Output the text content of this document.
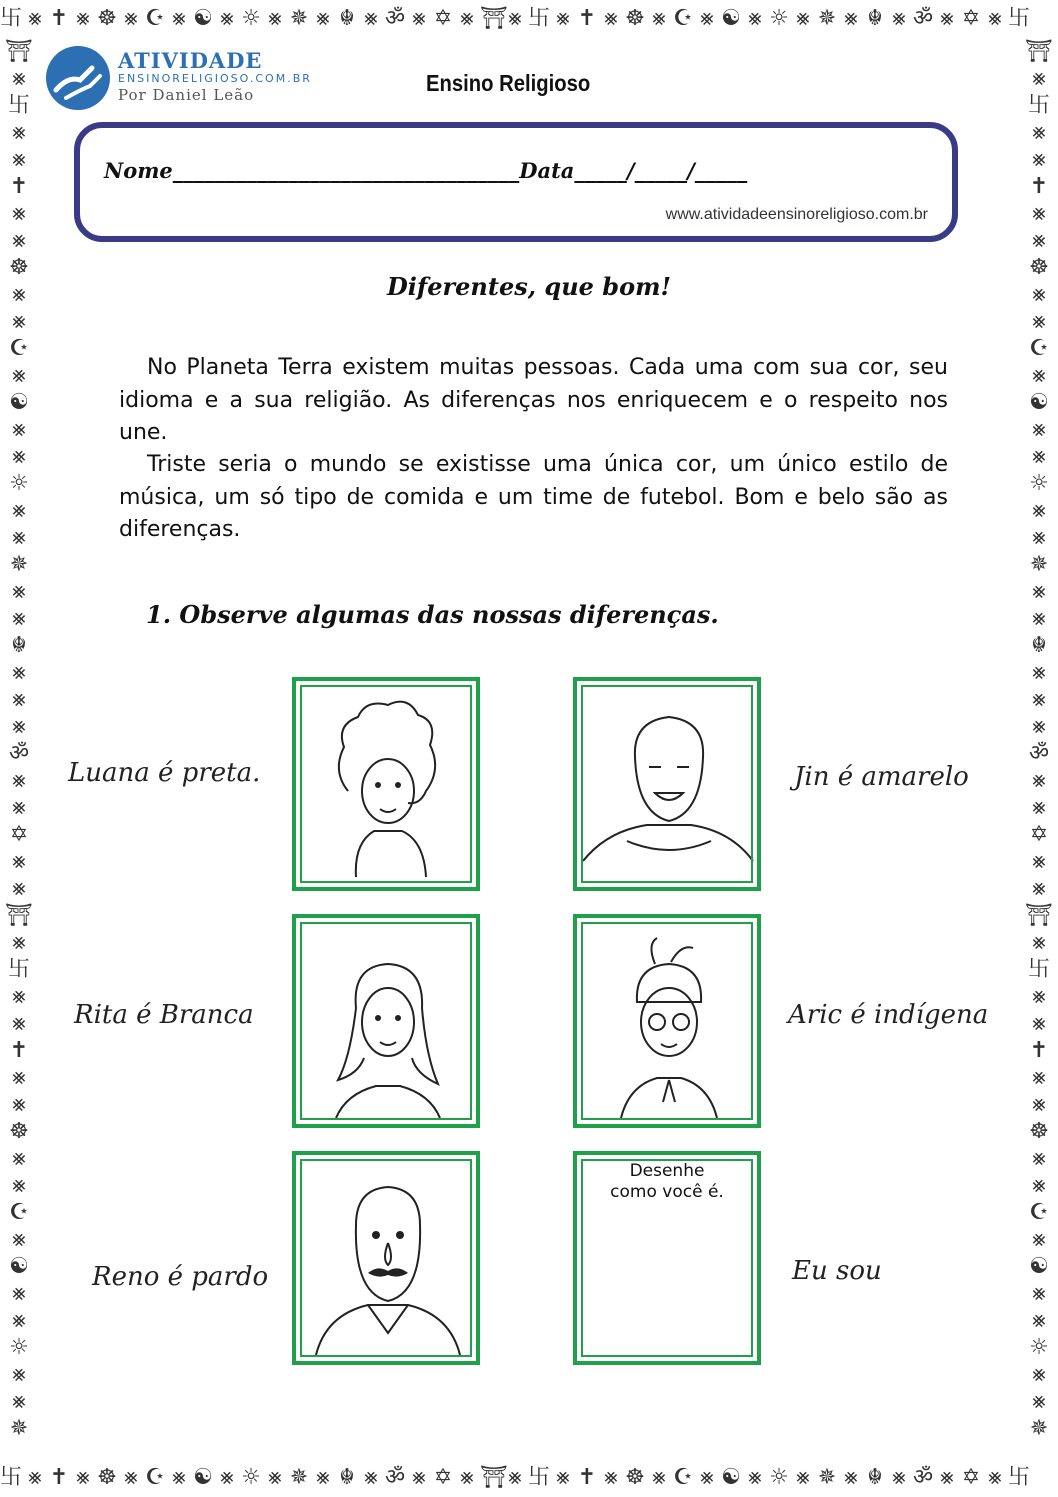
卐 ⨳ ✝ ⨳ ☸ ⨳ ☪ ⨳ ☯ ⨳ ☼ ⨳ ✵ ⨳ ☬ ⨳ ॐ ⨳ ✡ ⨳ ⛩⨳ 卐 ⨳ ✝ ⨳ ☸ ⨳ ☪ ⨳ ☯ ⨳ ☼ ⨳ ✵ ⨳ ☬ ⨳ ॐ ⨳ ✡ ⨳ 卐
卐 ⨳ ✝ ⨳ ☸ ⨳ ☪ ⨳ ☯ ⨳ ☼ ⨳ ✵ ⨳ ☬ ⨳ ॐ ⨳ ✡ ⨳ ⛩⨳ 卐 ⨳ ✝ ⨳ ☸ ⨳ ☪ ⨳ ☯ ⨳ ☼ ⨳ ✵ ⨳ ☬ ⨳ ॐ ⨳ ✡ ⨳ 卐
⛩
⨳
卐
⨳
⨳
✝
⨳
⨳
☸
⨳
⨳
☪
⨳
☯
⨳
⨳
☼
⨳
⨳
✵
⨳
⨳
☬
⨳
⨳
⨳
ॐ
⨳
⨳
✡
⨳
⨳
⛩
⨳
卐
⨳
⨳
✝
⨳
⨳
☸
⨳
⨳
☪
⨳
☯
⨳
⨳
☼
⨳
⨳
✵
⛩
⨳
卐
⨳
⨳
✝
⨳
⨳
☸
⨳
⨳
☪
⨳
☯
⨳
⨳
☼
⨳
⨳
✵
⨳
⨳
☬
⨳
⨳
⨳
ॐ
⨳
⨳
✡
⨳
⨳
⛩
⨳
卐
⨳
⨳
✝
⨳
⨳
☸
⨳
⨳
☪
⨳
☯
⨳
⨳
☼
⨳
⨳
✵
ATIVIDADE
ENSINORELIGIOSO.COM.BR
Por Daniel Leão	Ensino Religioso
Nome_________________________________Data_____/_____/_____
www.atividadeensinoreligioso.com.br
Diferentes, que bom!

No Planeta Terra existem muitas pessoas. Cada uma com sua cor, seu idioma e a sua religião. As diferenças nos enriquecem e o respeito nos une.

Triste seria o mundo se existisse uma única cor, um único estilo de música, um só tipo de comida e um time de futebol. Bom e belo são as diferenças.

1. Observe algumas das nossas diferenças.
Desenhe
como você é.
Luana é preta.	Jin é amarelo
Rita é Branca	Aric é indígena
Reno é pardo	Eu sou
